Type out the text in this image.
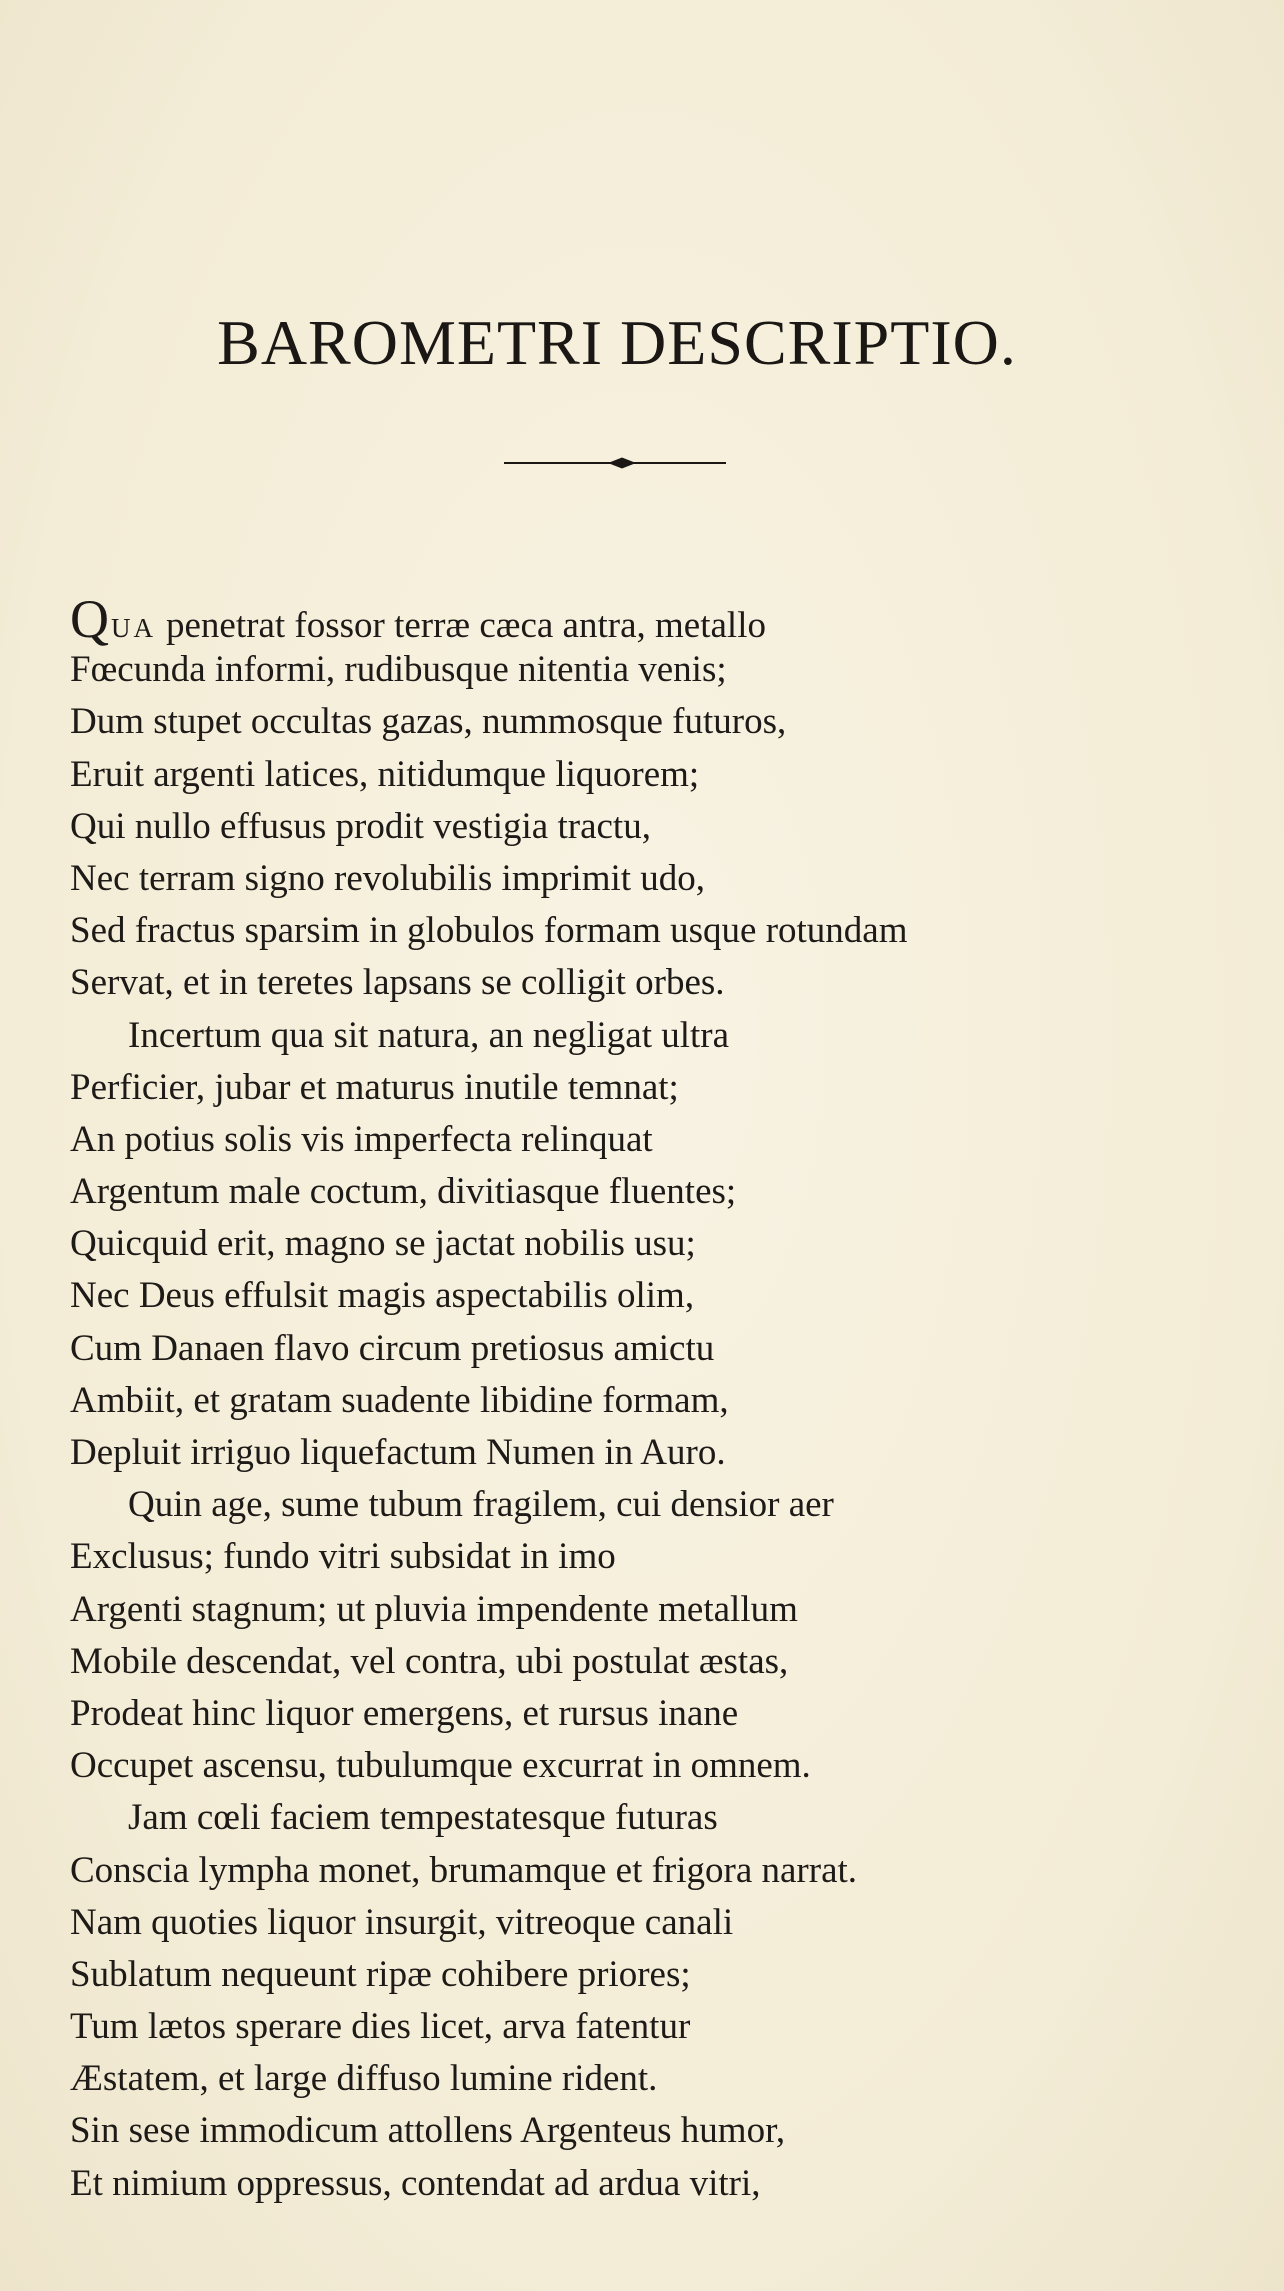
BAROMETRI DESCRIPTIO.
QUA penetrat fossor terræ cæca antra, metallo
Fœcunda informi, rudibusque nitentia venis;
Dum stupet occultas gazas, nummosque futuros,
Eruit argenti latices, nitidumque liquorem;
Qui nullo effusus prodit vestigia tractu,
Nec terram signo revolubilis imprimit udo,
Sed fractus sparsim in globulos formam usque rotundam
Servat, et in teretes lapsans se colligit orbes.
Incertum qua sit natura, an negligat ultra
Perficier, jubar et maturus inutile temnat;
An potius solis vis imperfecta relinquat
Argentum male coctum, divitiasque fluentes;
Quicquid erit, magno se jactat nobilis usu;
Nec Deus effulsit magis aspectabilis olim,
Cum Danaen flavo circum pretiosus amictu
Ambiit, et gratam suadente libidine formam,
Depluit irriguo liquefactum Numen in Auro.
Quin age, sume tubum fragilem, cui densior aer
Exclusus; fundo vitri subsidat in imo
Argenti stagnum; ut pluvia impendente metallum
Mobile descendat, vel contra, ubi postulat æstas,
Prodeat hinc liquor emergens, et rursus inane
Occupet ascensu, tubulumque excurrat in omnem.
Jam cœli faciem tempestatesque futuras
Conscia lympha monet, brumamque et frigora narrat.
Nam quoties liquor insurgit, vitreoque canali
Sublatum nequeunt ripæ cohibere priores;
Tum lætos sperare dies licet, arva fatentur
Æstatem, et large diffuso lumine rident.
Sin sese immodicum attollens Argenteus humor,
Et nimium oppressus, contendat ad ardua vitri,
